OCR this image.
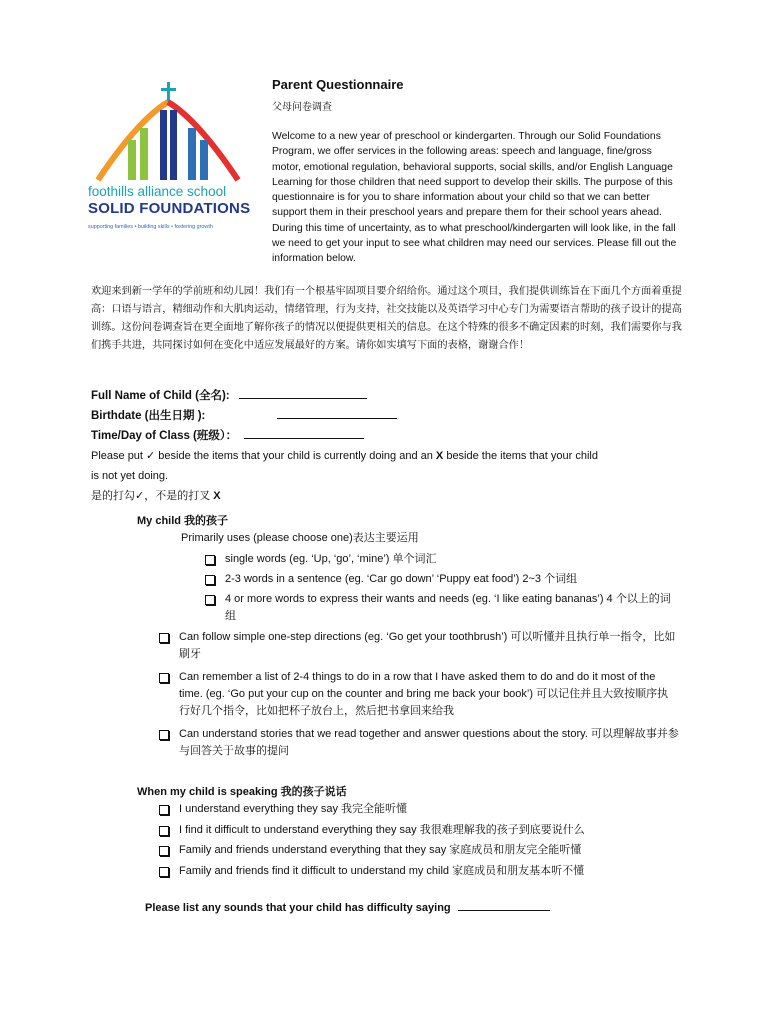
foothills alliance school
SOLID FOUNDATIONS
supporting families • building skills • fostering growth
Parent Questionnaire
父母问卷调查
Welcome to a new year of preschool or kindergarten. Through our Solid Foundations Program, we offer services in the following areas: speech and language, fine/gross motor, emotional regulation, behavioral supports, social skills, and/or English Language Learning for those children that need support to develop their skills. The purpose of this questionnaire is for you to share information about your child so that we can better support them in their preschool years and prepare them for their school years ahead. During this time of uncertainty, as to what preschool/kindergarten will look like, in the fall we need to get your input to see what children may need our services. Please fill out the information below.
欢迎来到新一学年的学前班和幼儿园！我们有一个根基牢固项目要介绍给你。通过这个项目，我们提供训练旨在下面几个方面着重提高：口语与语言，精细动作和大肌肉运动，情绪管理，行为支持，社交技能以及英语学习中心专门为需要语言帮助的孩子设计的提高训练。这份问卷调查旨在更全面地了解你孩子的情况以便提供更相关的信息。在这个特殊的很多不确定因素的时刻，我们需要你与我们携手共进，共同探讨如何在变化中适应发展最好的方案。请你如实填写下面的表格，谢谢合作！
Full Name of Child (全名):
Birthdate (出生日期 ):
Time/Day of Class (班级）：
Please put ✓ beside the items that your child is currently doing and an X beside the items that your child
is not yet doing.
是的打勾✓，不是的打叉 X
My child 我的孩子
Primarily uses (please choose one)表达主要运用
single words (eg. ‘Up, ‘go’, ‘mine’) 单个词汇
2-3 words in a sentence (eg. ‘Car go down’ ‘Puppy eat food’) 2~3 个词组
4 or more words to express their wants and needs (eg. ‘I like eating bananas’) 4 个以上的词组
Can follow simple one-step directions (eg. ‘Go get your toothbrush’) 可以听懂并且执行单一指令，比如刷牙
Can remember a list of 2-4 things to do in a row that I have asked them to do and do it most of the time. (eg. ‘Go put your cup on the counter and bring me back your book’) 可以记住并且大致按顺序执行好几个指令，比如把杯子放台上，然后把书拿回来给我
Can understand stories that we read together and answer questions about the story. 可以理解故事并参与回答关于故事的提问
When my child is speaking 我的孩子说话
I understand everything they say 我完全能听懂
I find it difficult to understand everything they say 我很难理解我的孩子到底要说什么
Family and friends understand everything that they say 家庭成员和朋友完全能听懂
Family and friends find it difficult to understand my child 家庭成员和朋友基本听不懂
Please list any sounds that your child has difficulty saying
